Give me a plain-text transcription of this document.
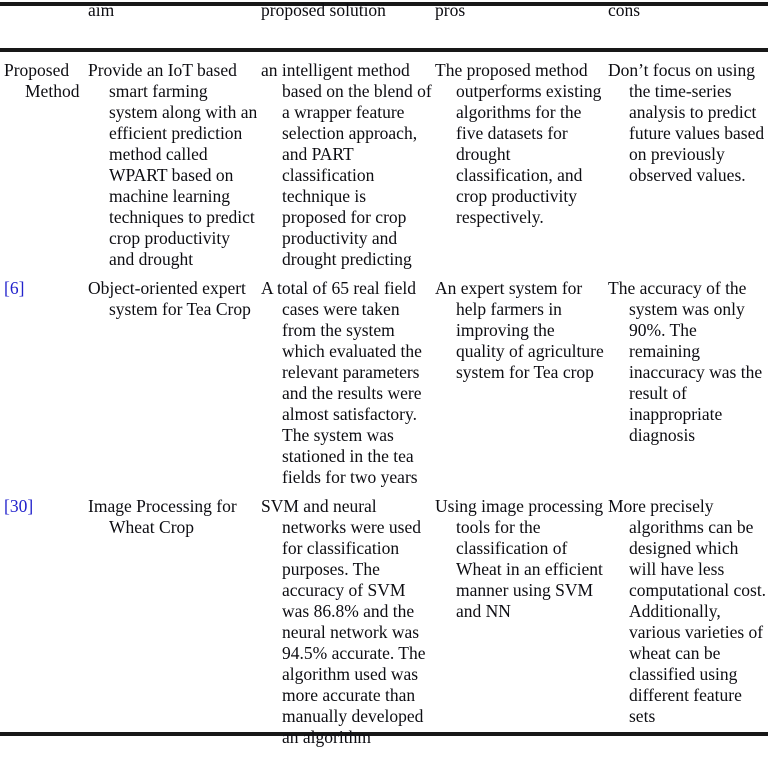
	aim	proposed solution	pros	cons
Proposed Method	Provide an IoT based smart farming system along with an efficient prediction method called WPART based on machine learning techniques to predict crop productivity and drought	an intelligent method based on the blend of a wrapper feature selection approach, and PART classification technique is proposed for crop productivity and drought predicting	The proposed method outperforms existing algorithms for the five datasets for drought classification, and crop productivity respectively.	Don’t focus on using the time-series analysis to predict future values based on previously observed values.
[6]	Object-oriented expert system for Tea Crop	A total of 65 real field cases were taken from the system which evaluated the relevant parameters and the results were almost satisfactory. The system was stationed in the tea fields for two years	An expert system for help farmers in improving the quality of agriculture system for Tea crop	The accuracy of the system was only 90%. The remaining inaccuracy was the result of inappropriate diagnosis
[30]	Image Processing for Wheat Crop	SVM and neural networks were used for classification purposes. The accuracy of SVM was 86.8% and the neural network was 94.5% accurate. The algorithm used was more accurate than manually developed an algorithm	Using image processing tools for the classification of Wheat in an efficient manner using SVM and NN	More precisely algorithms can be designed which will have less computational cost. Additionally, various varieties of wheat can be classified using different feature sets
